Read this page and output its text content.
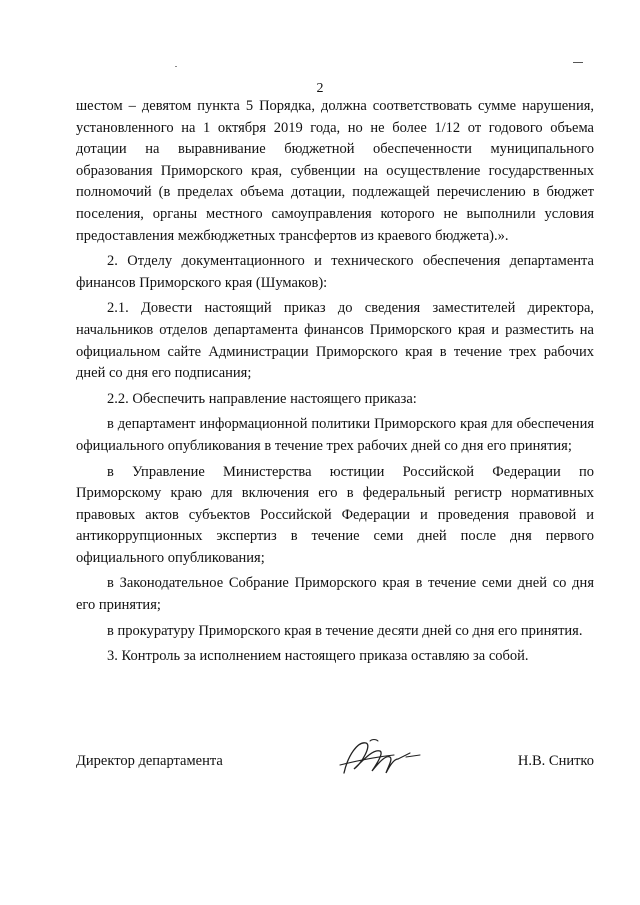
2

шестом – девятом пункта 5 Порядка, должна соответствовать сумме нарушения, установленного на 1 октября 2019 года, но не более 1/12 от годового объема дотации на выравнивание бюджетной обеспеченности муниципального образования Приморского края, субвенции на осуществление государственных полномочий (в пределах объема дотации, подлежащей перечислению в бюджет поселения, органы местного самоуправления которого не выполнили условия предоставления межбюджетных трансфертов из краевого бюджета).».

2. Отделу документационного и технического обеспечения департамента финансов Приморского края (Шумаков):

2.1. Довести настоящий приказ до сведения заместителей директора, начальников отделов департамента финансов Приморского края и разместить на официальном сайте Администрации Приморского края в течение трех рабочих дней со дня его подписания;

2.2. Обеспечить направление настоящего приказа:

в департамент информационной политики Приморского края для обеспечения официального опубликования в течение трех рабочих дней со дня его принятия;

в Управление Министерства юстиции Российской Федерации по Приморскому краю для включения его в федеральный регистр нормативных правовых актов субъектов Российской Федерации и проведения правовой и антикоррупционных экспертиз в течение семи дней после дня первого официального опубликования;

в Законодательное Собрание Приморского края в течение семи дней со дня его принятия;

в прокуратуру Приморского края в течение десяти дней со дня его принятия.

3. Контроль за исполнением настоящего приказа оставляю за собой.

Директор департамента	Н.В. Снитко
